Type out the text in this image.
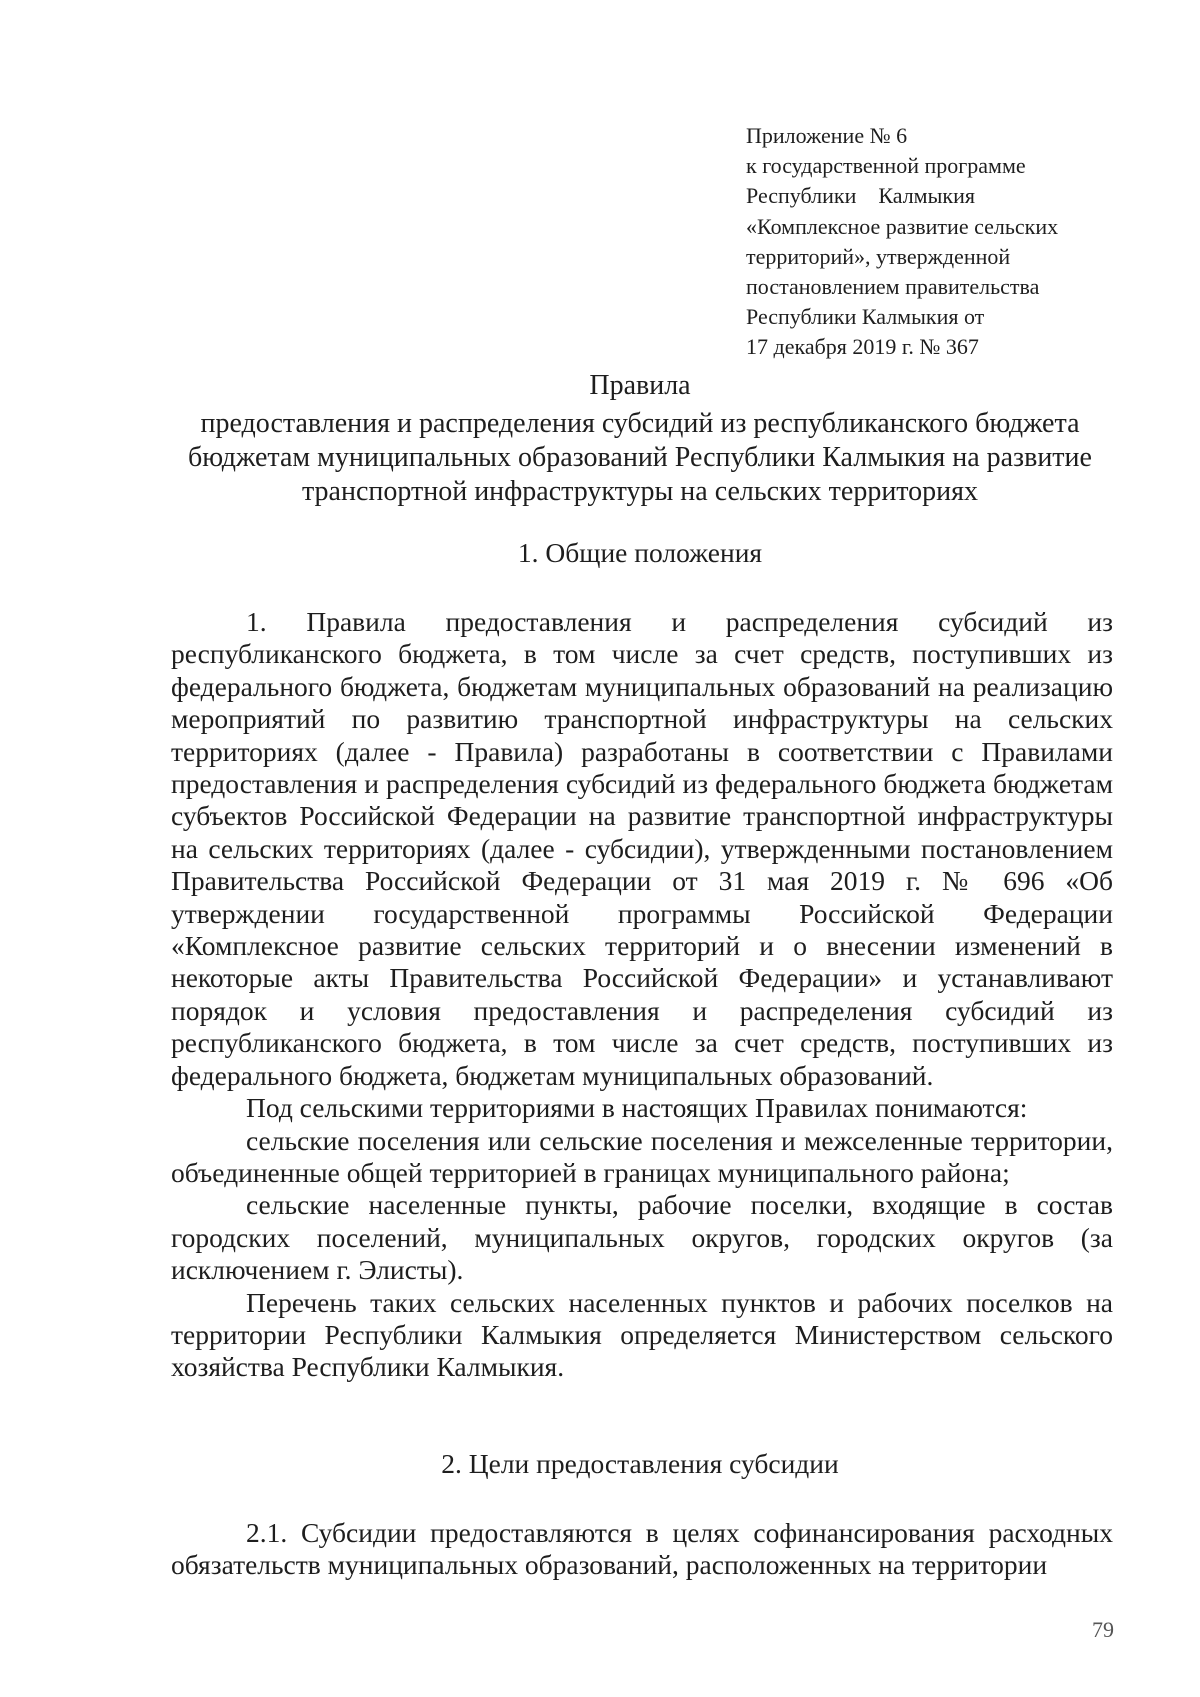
Приложение № 6
к государственной программе
Республики    Калмыкия
«Комплексное развитие сельских
территорий», утвержденной
постановлением правительства
Республики Калмыкия от
17 декабря 2019 г. № 367
Правила
предоставления и распределения субсидий из республиканского бюджета бюджетам муниципальных образований Республики Калмыкия на развитие транспортной инфраструктуры на сельских территориях
1. Общие положения

1. Правила предоставления и распределения субсидий из республиканского бюджета, в том числе за счет средств, поступивших из федерального бюджета, бюджетам муниципальных образований на реализацию мероприятий по развитию транспортной инфраструктуры на сельских территориях (далее - Правила) разработаны в соответствии с Правилами предоставления и распределения субсидий из федерального бюджета бюджетам субъектов Российской Федерации на развитие транспортной инфраструктуры на сельских территориях (далее - субсидии), утвержденными постановлением Правительства Российской Федерации от 31 мая 2019 г. № 696 «Об утверждении государственной программы Российской Федерации «Комплексное развитие сельских территорий и о внесении изменений в некоторые акты Правительства Российской Федерации» и устанавливают порядок и условия предоставления и распределения субсидий из республиканского бюджета, в том числе за счет средств, поступивших из федерального бюджета, бюджетам муниципальных образований.

Под сельскими территориями в настоящих Правилах понимаются:

сельские поселения или сельские поселения и межселенные территории, объединенные общей территорией в границах муниципального района;

сельские населенные пункты, рабочие поселки, входящие в состав городских поселений, муниципальных округов, городских округов (за исключением г. Элисты).

Перечень таких сельских населенных пунктов и рабочих поселков на территории Республики Калмыкия определяется Министерством сельского хозяйства Республики Калмыкия.

2. Цели предоставления субсидии

2.1. Субсидии предоставляются в целях софинансирования расходных обязательств муниципальных образований, расположенных на территории

79
